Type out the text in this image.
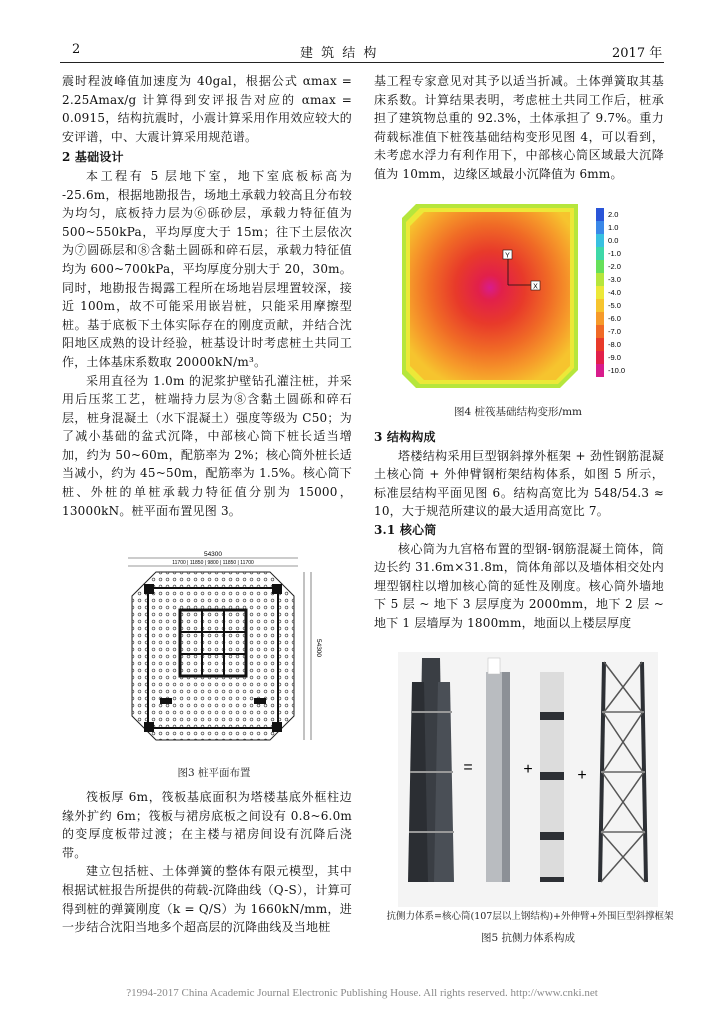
2	建 筑 结 构	2017 年

震时程波峰值加速度为 40gal，根据公式 αmax = 2.25Amax/g 计算得到安评报告对应的 αmax = 0.0915，结构抗震时，小震计算采用作用效应较大的安评谱，中、大震计算采用规范谱。

2 基础设计

本工程有 5 层地下室，地下室底板标高为 -25.6m，根据地勘报告，场地土承载力较高且分布较为均匀，底板持力层为⑥砾砂层，承载力特征值为 500~550kPa，平均厚度大于 15m；往下土层依次为⑦圆砾层和⑧含黏土圆砾和碎石层，承载力特征值均为 600~700kPa，平均厚度分别大于 20，30m。同时，地勘报告揭露工程所在场地岩层埋置较深，接近 100m，故不可能采用嵌岩桩，只能采用摩擦型桩。基于底板下土体实际存在的刚度贡献，并结合沈阳地区成熟的设计经验，桩基设计时考虑桩土共同工作，土体基床系数取 20000kN/m³。

采用直径为 1.0m 的泥浆护壁钻孔灌注桩，并采用后压浆工艺，桩端持力层为⑧含黏土圆砾和碎石层，桩身混凝土（水下混凝土）强度等级为 C50；为了减小基础的盆式沉降，中部核心筒下桩长适当增加，约为 50~60m，配筋率为 2%；核心筒外桩长适当减小，约为 45~50m，配筋率为 1.5%。核心筒下桩、外桩的单桩承载力特征值分别为 15000，13000kN。桩平面布置见图 3。

54300
11700 | 11850 | 9800 | 11850 | 11700
54300
图3 桩平面布置

筏板厚 6m，筏板基底面积为塔楼基底外框柱边缘外扩约 6m；筏板与裙房底板之间设有 0.8~6.0m 的变厚度板带过渡；在主楼与裙房间设有沉降后浇带。

建立包括桩、土体弹簧的整体有限元模型，其中根据试桩报告所提供的荷载-沉降曲线（Q-S），计算可得到桩的弹簧刚度（k = Q/S）为 1660kN/mm，进一步结合沈阳当地多个超高层的沉降曲线及当地桩

基工程专家意见对其予以适当折减。土体弹簧取其基床系数。计算结果表明，考虑桩土共同工作后，桩承担了建筑物总重的 92.3%，土体承担了 9.7%。重力荷载标准值下桩筏基础结构变形见图 4，可以看到，未考虑水浮力有利作用下，中部核心筒区域最大沉降值为 10mm，边缘区域最小沉降值为 6mm。

Y
X
2.0
1.0
0.0
-1.0
-2.0
-3.0
-4.0
-5.0
-6.0
-7.0
-8.0
-9.0
-10.0
图4 桩筏基础结构变形/mm

3 结构构成

塔楼结构采用巨型钢斜撑外框架 + 劲性钢筋混凝土核心筒 + 外伸臂钢桁架结构体系，如图 5 所示，标准层结构平面见图 6。结构高宽比为 548/54.3 ≈ 10，大于规范所建议的最大适用高宽比 7。

3.1 核心筒

核心筒为九宫格布置的型钢-钢筋混凝土筒体，筒边长约 31.6m×31.8m，筒体角部以及墙体相交处内埋型钢柱以增加核心筒的延性及刚度。核心筒外墙地下 5 层 ~ 地下 3 层厚度为 2000mm，地下 2 层 ~ 地下 1 层墙厚为 1800mm，地面以上楼层厚度

=	+	+
抗侧力体系=核心筒(107层以上钢结构)+外伸臂+外围巨型斜撑框架
图5 抗侧力体系构成
?1994-2017 China Academic Journal Electronic Publishing House. All rights reserved. http://www.cnki.net
